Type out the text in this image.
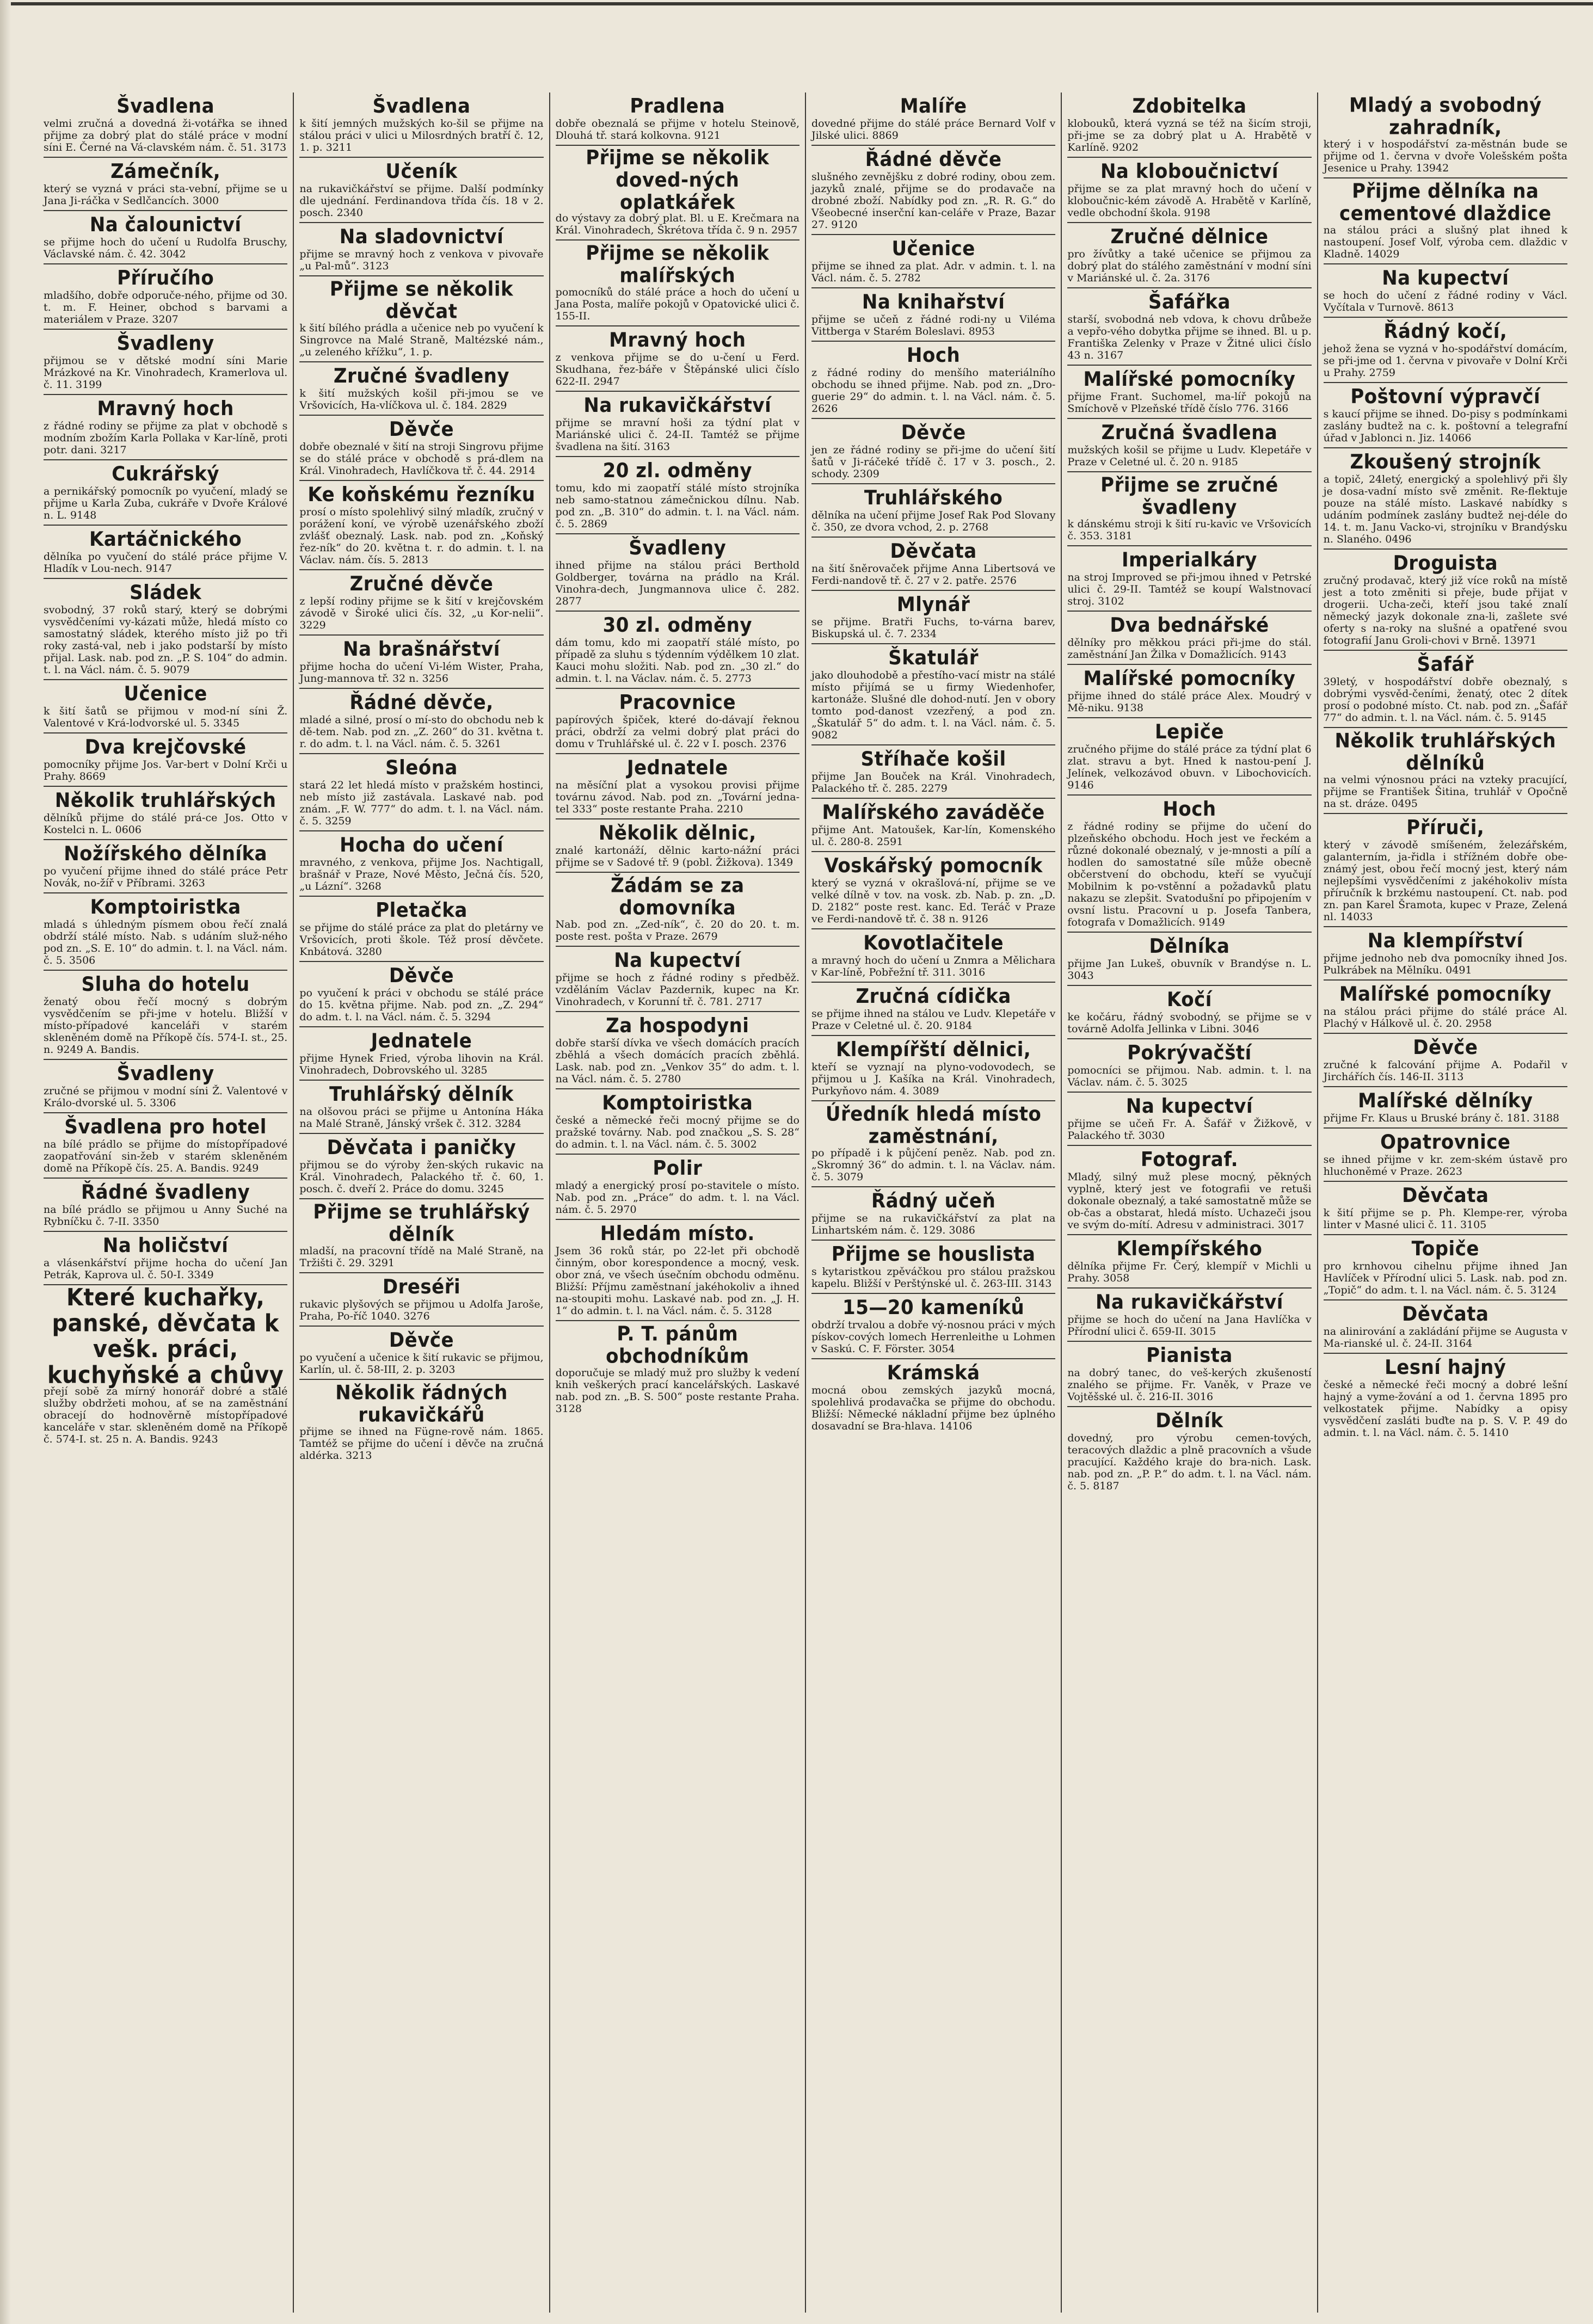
Švadlena
velmi zručná a dovedná ži-votářka se ihned přijme za dobrý plat do stálé práce v modní síni E. Černé na Vá-clavském nám. č. 51. 3173
Zámečník,
který se vyzná v práci sta-vební, přijme se u Jana Ji-ráčka v Sedlčancích. 3000
Na čalounictví
se přijme hoch do učení u Rudolfa Bruschy, Václavské nám. č. 42. 3042
Příručího
mladšího, dobře odporuče-ného, přijme od 30. t. m. F. Heiner, obchod s barvami a materiálem v Praze. 3207
Švadleny
přijmou se v dětské modní síni Marie Mrázkové na Kr. Vinohradech, Kramerlova ul. č. 11. 3199
Mravný hoch
z řádné rodiny se přijme za plat v obchodě s modním zbožím Karla Pollaka v Kar-líně, proti potr. dani. 3217
Cukrářský
a pernikářský pomocník po vyučení, mladý se přijme u Karla Zuba, cukráře v Dvoře Králové n. L. 9148
Kartáčnického
dělníka po vyučení do stálé práce přijme V. Hladík v Lou-nech. 9147
Sládek
svobodný, 37 roků starý, který se dobrými vysvědčeními vy-kázati může, hledá místo co samostatný sládek, kterého místo již po tři roky zastá-val, neb i jako podstarší by místo přijal. Lask. nab. pod zn. „P. S. 104“ do admin. t. l. na Václ. nám. č. 5. 9079
Učenice
k šití šatů se přijmou v mod-ní síni Ž. Valentové v Krá-lodvorské ul. 5. 3345
Dva krejčovské
pomocníky přijme Jos. Var-bert v Dolní Krči u Prahy. 8669
Několik truhlářských
dělníků přijme do stálé prá-ce Jos. Otto v Kostelci n. L. 0606
Nožířského dělníka
po vyučení přijme ihned do stálé práce Petr Novák, no-žíř v Příbrami. 3263
Komptoiristka
mladá s úhledným písmem obou řečí znalá obdrží stálé místo. Nab. s udáním služ-ného pod zn. „S. E. 10“ do admin. t. l. na Václ. nám. č. 5. 3506
Sluha do hotelu
ženatý obou řečí mocný s dobrým vysvědčením se při-jme v hotelu. Bližší v místo-případové kanceláři v starém skleněném domě na Příkopě čís. 574-I. st., 25. n. 9249 A. Bandis.
Švadleny
zručné se přijmou v modní síni Ž. Valentové v Králo-dvorské ul. 5. 3306
Švadlena pro hotel
na bílé prádlo se přijme do místopřípadové zaopatřování sin-žeb v starém skleněném domě na Příkopě čís. 25. A. Bandis. 9249
Řádné švadleny
na bílé prádlo se přijmou u Anny Suché na Rybníčku č. 7-II. 3350
Na holičství
a vlásenkářství přijme hocha do učení Jan Petrák, Kaprova ul. č. 50-I. 3349
Které kuchařky, panské, děvčata k vešk. práci, kuchyňské a chůvy
přejí sobě za mírný honorář dobré a stálé služby obdržeti mohou, ať se na zaměstnání obracejí do hodnověrně místopřípadové kanceláře v star. skleněném domě na Příkopě č. 574-I. st. 25 n. A. Bandis. 9243
Švadlena
k šití jemných mužských ko-šil se přijme na stálou práci v ulici u Milosrdných bratří č. 12, 1. p. 3211
Učeník
na rukavičkářství se přijme. Další podmínky dle ujednání. Ferdinandova třída čís. 18 v 2. posch. 2340
Na sladovnictví
přijme se mravný hoch z venkova v pivovaře „u Pal-mů“. 3123
Přijme se několik děvčat
k šití bílého prádla a učenice neb po vyučení k Singrovce na Malé Straně, Maltézské nám., „u zeleného křížku“, 1. p.
Zručné švadleny
k šití mužských košil při-jmou se ve Vršovicích, Ha-vlíčkova ul. č. 184. 2829
Děvče
dobře obeznalé v šití na stroji Singrovu přijme se do stálé práce v obchodě s prá-dlem na Král. Vinohradech, Havlíčkova tř. č. 44. 2914
Ke koňskému řezníku
prosí o místo spolehlivý silný mladík, zručný v porážení koní, ve výrobě uzenářského zboží zvlášť obeznalý. Lask. nab. pod zn. „Koňský řez-ník“ do 20. května t. r. do admin. t. l. na Václav. nám. čís. 5. 2813
Zručné děvče
z lepší rodiny přijme se k šití v krejčovském závodě v Široké ulici čís. 32, „u Kor-nelii“. 3229
Na brašnářství
přijme hocha do učení Vi-lém Wister, Praha, Jung-mannova tř. 32 n. 3256
Řádné děvče,
mladé a silné, prosí o mí-sto do obchodu neb k dě-tem. Nab. pod zn. „Z. 260“ do 31. května t. r. do adm. t. l. na Václ. nám. č. 5. 3261
Sleóna
stará 22 let hledá místo v pražském hostinci, neb místo již zastávala. Laskavé nab. pod znám. „F. W. 777“ do adm. t. l. na Václ. nám. č. 5. 3259
Hocha do učení
mravného, z venkova, přijme Jos. Nachtigall, brašnář v Praze, Nové Město, Ječná čís. 520, „u Lázní“. 3268
Pletačka
se přijme do stálé práce za plat do pletárny ve Vršovicích, proti škole. Též prosí děvčete. Knbátová. 3280
Děvče
po vyučení k práci v obchodu se stálé práce do 15. května přijme. Nab. pod zn. „Z. 294“ do adm. t. l. na Václ. nám. č. 5. 3294
Jednatele
přijme Hynek Fried, výroba lihovin na Král. Vinohradech, Dobrovského ul. 3285
Truhlářský dělník
na olšovou práci se přijme u Antonína Háka na Malé Straně, Jánský vršek č. 312. 3284
Děvčata i paničky
přijmou se do výroby žen-ských rukavic na Král. Vinohradech, Palackého tř. č. 60, 1. posch. č. dveří 2. Práce do domu. 3245
Přijme se truhlářský dělník
mladší, na pracovní třídě na Malé Straně, na Tržišti č. 29. 3291
Dreséři
rukavic plyšových se přijmou u Adolfa Jaroše, Praha, Po-říč 1040. 3276
Děvče
po vyučení a učenice k šití rukavic se přijmou, Karlín, ul. č. 58-III, 2. p. 3203
Několik řádných rukavičkářů
přijme se ihned na Fügne-rově nám. 1865. Tamtéž se přijme do učení i děvče na zručná aldérka. 3213
Pradlena
dobře obeznalá se přijme v hotelu Steinově, Dlouhá tř. stará kolkovna. 9121
Přijme se několik doved-ných oplatkářek
do výstavy za dobrý plat. Bl. u E. Krečmara na Král. Vinohradech, Škrétova třída č. 9 n. 2957
Přijme se několik malířských
pomocníků do stálé práce a hoch do učení u Jana Posta, malíře pokojů v Opatovické ulici č. 155-II.
Mravný hoch
z venkova přijme se do u-čení u Ferd. Skudhana, řez-báře v Štěpánské ulici číslo 622-II. 2947
Na rukavičkářství
přijme se mravní hoši za týdní plat v Mariánské ulici č. 24-II. Tamtéž se přijme švadlena na šití. 3163
20 zl. odměny
tomu, kdo mi zaopatří stálé místo strojníka neb samo-statnou zámečnickou dílnu. Nab. pod zn. „B. 310“ do admin. t. l. na Václ. nám. č. 5. 2869
Švadleny
ihned přijme na stálou práci Berthold Goldberger, továrna na prádlo na Král. Vinohra-dech, Jungmannova ulice č. 282. 2877
30 zl. odměny
dám tomu, kdo mi zaopatří stálé místo, po případě za sluhu s týdenním výdělkem 10 zlat. Kauci mohu složiti. Nab. pod zn. „30 zl.“ do admin. t. l. na Václav. nám. č. 5. 2773
Pracovnice
papírových špiček, které do-dávají řeknou práci, obdrží za velmi dobrý plat práci do domu v Truhlářské ul. č. 22 v I. posch. 2376
Jednatele
na měsíční plat a vysokou provisi přijme továrnu závod. Nab. pod zn. „Tovární jedna-tel 333“ poste restante Praha. 2210
Několik dělnic,
znalé kartonáží, dělnic karto-nážní práci přijme se v Sadové tř. 9 (pobl. Žižkova). 1349
Žádám se za domovníka
Nab. pod zn. „Zed-ník“, č. 20 do 20. t. m. poste rest. pošta v Praze. 2679
Na kupectví
přijme se hoch z řádné rodiny s předběž. vzděláním Václav Pazdernik, kupec na Kr. Vinohradech, v Korunní tř. č. 781. 2717
Za hospodyni
dobře starší dívka ve všech domácích pracích zběhlá a všech domácích pracích zběhlá. Lask. nab. pod zn. „Venkov 35“ do adm. t. l. na Václ. nám. č. 5. 2780
Komptoiristka
české a německé řeči mocný přijme se do pražské továrny. Nab. pod značkou „S. S. 28“ do admin. t. l. na Václ. nám. č. 5. 3002
Polir
mladý a energický prosí po-stavitele o místo. Nab. pod zn. „Práce“ do adm. t. l. na Václ. nám. č. 5. 2970
Hledám místo.
Jsem 36 roků stár, po 22-let při obchodě činným, obor korespondence a mocný, vesk. obor zná, ve všech úsečním obchodu odměnu. Bližší: Příjmu zaměstnaní jakéhokoliv a ihned na-stoupiti mohu. Laskavé nab. pod zn. „J. H. 1“ do admin. t. l. na Václ. nám. č. 5. 3128
P. T. pánům obchodníkům
doporučuje se mladý muž pro služby k vedení knih veškerých prací kancelářských. Laskavé nab. pod zn. „B. S. 500“ poste restante Praha. 3128
Malíře
dovedné přijme do stálé práce Bernard Volf v Jilské ulici. 8869
Řádné děvče
slušného zevnějšku z dobré rodiny, obou zem. jazyků znalé, přijme se do prodavače na drobné zboží. Nabídky pod zn. „R. R. G.“ do Všeobecné inserční kan-celáře v Praze, Bazar 27. 9120
Učenice
přijme se ihned za plat. Adr. v admin. t. l. na Václ. nám. č. 5. 2782
Na knihařství
přijme se učeň z řádné rodi-ny u Viléma Vittberga v Starém Boleslavi. 8953
Hoch
z řádné rodiny do menšího materiálního obchodu se ihned přijme. Nab. pod zn. „Dro-guerie 29“ do admin. t. l. na Václ. nám. č. 5. 2626
Děvče
jen ze řádné rodiny se při-jme do učení šití šatů v Ji-ráčeké třídě č. 17 v 3. posch., 2. schody. 2309
Truhlářského
dělníka na učení přijme Josef Rak Pod Slovany č. 350, ze dvora vchod, 2. p. 2768
Děvčata
na šití šněrovaček přijme Anna Libertsová ve Ferdi-nandově tř. č. 27 v 2. patře. 2576
Mlynář
se přijme. Bratři Fuchs, to-várna barev, Biskupská ul. č. 7. 2334
Škatulář
jako dlouhodobě a přestího-vací mistr na stálé místo přijímá se u firmy Wiedenhofer, kartonáže. Slušné dle dohod-nutí. Jen v obory tomto pod-danost vzezřený, a pod zn. „Škatulář 5“ do adm. t. l. na Václ. nám. č. 5. 9082
Stříhače košil
přijme Jan Bouček na Král. Vinohradech, Palackého tř. č. 285. 2279
Malířského zaváděče
přijme Ant. Matoušek, Kar-lín, Komenského ul. č. 280-8. 2591
Voskářský pomocník
který se vyzná v okrašlová-ní, přijme se ve velké dílně v tov. na vosk. zb. Nab. p. zn. „D. D. 2182“ poste rest. kanc. Ed. Teráč v Praze ve Ferdi-nandově tř. č. 38 n. 9126
Kovotlačitele
a mravný hoch do učení u Znmra a Mělichara v Kar-líně, Pobřežní tř. 311. 3016
Zručná cídička
se přijme ihned na stálou ve Ludv. Klepetáře v Praze v Celetné ul. č. 20. 9184
Klempířští dělnici,
kteří se vyznají na plyno-vodovodech, se přijmou u J. Kašíka na Král. Vinohradech, Purkyňovo nám. 4. 3089
Úředník hledá místo zaměstnání,
po případě i k půjčení peněz. Nab. pod zn. „Skromný 36“ do admin. t. l. na Václav. nám. č. 5. 3079
Řádný učeň
přijme se na rukavičkářství za plat na Linhartském nám. č. 129. 3086
Přijme se houslista
s kytaristkou zpěváčkou pro stálou pražskou kapelu. Bližší v Perštýnské ul. č. 263-III. 3143
15—20 kameníků
obdrží trvalou a dobře vý-nosnou práci v mých pískov-cových lomech Herrenleithe u Lohmen v Saskú. C. F. Förster. 3054
Krámská
mocná obou zemských jazyků mocná, spolehlivá prodavačka se přijme do obchodu. Bližší: Německé nákladní přijme bez úplného dosavadní se Bra-hlava. 14106
Zdobitelka
klobouků, která vyzná se též na šicím stroji, při-jme se za dobrý plat u A. Hrabětě v Karlíně. 9202
Na kloboučnictví
přijme se za plat mravný hoch do učení v kloboučnic-kém závodě A. Hrabětě v Karlíně, vedle obchodní škola. 9198
Zručné dělnice
pro žívůtky a také učenice se přijmou za dobrý plat do stálého zaměstnání v modní síni v Mariánské ul. č. 2a. 3176
Šafářka
starší, svobodná neb vdova, k chovu drůbeže a vepřo-vého dobytka přijme se ihned. Bl. u p. Františka Zelenky v Praze v Žitné ulici číslo 43 n. 3167
Malířské pomocníky
přijme Frant. Suchomel, ma-líř pokojů na Smíchově v Plzeňské třídě číslo 776. 3166
Zručná švadlena
mužských košil se přijme u Ludv. Klepetáře v Praze v Celetné ul. č. 20 n. 9185
Přijme se zručné švadleny
k dánskému stroji k šití ru-kavic ve Vršovicích č. 353. 3181
Imperialkáry
na stroj Improved se při-jmou ihned v Petrské ulici č. 29-II. Tamtéž se koupí Walstnovací stroj. 3102
Dva bednářské
dělníky pro měkkou práci při-jme do stál. zaměstnání Jan Žilka v Domažlicích. 9143
Malířské pomocníky
přijme ihned do stálé práce Alex. Moudrý v Mě-niku. 9138
Lepiče
zručného přijme do stálé práce za týdní plat 6 zlat. stravu a byt. Hned k nastou-pení J. Jelínek, velkozávod obuvn. v Libochovicích. 9146
Hoch
z řádné rodiny se přijme do učení do plzeňského obchodu. Hoch jest ve řeckém a různé dokonalé obeznalý, v je-mnosti a pílí a hodlen do samostatné síle může obecně občerstvení do obchodu, kteří se vyučují Mobilnim k po-vstěnní a požadavků platu nakazu se zlepšit. Svatodušní po připojením v ovsní listu. Pracovní u p. Josefa Tanbera, fotografa v Domažlicích. 9149
Dělníka
přijme Jan Lukeš, obuvník v Brandýse n. L. 3043
Kočí
ke kočáru, řádný svobodný, se přijme se v továrně Adolfa Jellinka v Libni. 3046
Pokrývačští
pomocníci se přijmou. Nab. admin. t. l. na Václav. nám. č. 5. 3025
Na kupectví
přijme se učeň Fr. A. Šafář v Žižkově, v Palackého tř. 3030
Fotograf.
Mladý, silný muž plese mocný, pěkných vyplně, který jest ve fotografii ve retuši dokonale obeznalý, a také samostatně může se ob-čas a obstarat, hledá místo. Uchazeči jsou ve svým do-mítí. Adresu v administraci. 3017
Klempířského
dělníka přijme Fr. Čerý, klempíř v Michli u Prahy. 3058
Na rukavičkářství
přijme se hoch do učení na Jana Havlíčka v Přírodní ulici č. 659-II. 3015
Pianista
na dobrý tanec, do veš-kerých zkušeností znalého se přijme. Fr. Vaněk, v Praze ve Vojtěšské ul. č. 216-II. 3016
Dělník
dovedný, pro výrobu cemen-tových, teracových dlaždic a plně pracovních a všude pracující. Každého kraje do bra-nich. Lask. nab. pod zn. „P. P.“ do adm. t. l. na Václ. nám. č. 5. 8187
Mladý a svobodný zahradník,
který i v hospodářství za-městnán bude se přijme od 1. června v dvoře Volešském pošta Jesenice u Prahy. 13942
Přijme dělníka na cementové dlaždice
na stálou práci a slušný plat ihned k nastoupení. Josef Volf, výroba cem. dlaždic v Kladně. 14029
Na kupectví
se hoch do učení z řádné rodiny v Václ. Vyčítala v Turnově. 8613
Řádný kočí,
jehož žena se vyzná v ho-spodářství domácím, se při-jme od 1. června v pivovaře v Dolní Krči u Prahy. 2759
Poštovní výpravčí
s kaucí přijme se ihned. Do-pisy s podmínkami zaslány budtež na c. k. poštovní a telegrafní úřad v Jablonci n. Jiz. 14066
Zkoušený strojník
a topič, 24letý, energický a spolehlivý při šly je dosa-vadní místo svě změnit. Re-flektuje pouze na stálé místo. Laskavé nabídky s udáním podmínek zaslány budtež nej-déle do 14. t. m. Janu Vacko-vi, strojníku v Brandýsku n. Slaného. 0496
Droguista
zručný prodavač, který již více roků na místě jest a toto změniti si přeje, bude přijat v drogerii. Ucha-zeči, kteří jsou také znalí německý jazyk dokonale zna-li, zašlete své oferty s na-roky na slušné a opatřené svou fotografií Janu Groli-chovi v Brně. 13971
Šafář
39letý, v hospodářství dobře obeznalý, s dobrými vysvěd-čeními, ženatý, otec 2 dítek prosí o podobné místo. Ct. nab. pod zn. „Šafář 77“ do admin. t. l. na Václ. nám. č. 5. 9145
Několik truhlářských dělníků
na velmi výnosnou práci na vzteky pracující, přijme se František Šitina, truhlář v Opočně na st. dráze. 0495
Příruči,
který v závodě smíšeném, železářském, galanterním, ja-řidla i střížném dobře obe-známý jest, obou řečí mocný jest, který nám nejlepšími vysvědčeními z jakéhokoliv místa příručník k brzkému nastoupení. Ct. nab. pod zn. pan Karel Šramota, kupec v Praze, Zelená nl. 14033
Na klempířství
přijme jednoho neb dva pomocníky ihned Jos. Pulkrábek na Mělníku. 0491
Malířské pomocníky
na stálou práci přijme do stálé práce Al. Plachý v Hálkově ul. č. 20. 2958
Děvče
zručné k falcování přijme A. Podařil v Jirchářích čís. 146-II. 3113
Malířské dělníky
přijme Fr. Klaus u Bruské brány č. 181. 3188
Opatrovnice
se ihned přijme v kr. zem-ském ústavě pro hluchoněmé v Praze. 2623
Děvčata
k šití přijme se p. Ph. Klempe-rer, výroba linter v Masné ulici č. 11. 3105
Topiče
pro krnhovou cihelnu přijme ihned Jan Havlíček v Přírodní ulici 5. Lask. nab. pod zn. „Topič“ do adm. t. l. na Václ. nám. č. 5. 3124
Děvčata
na alinirování a zakládání přijme se Augusta v Ma-rianské ul. č. 24-II. 3164
Lesní hajný
české a německé řeči mocný a dobré lešní hajný a vyme-žování a od 1. června 1895 pro velkostatek přijme. Nabídky a opisy vysvědčení zasláti buďte na p. S. V. P. 49 do admin. t. l. na Václ. nám. č. 5. 1410
